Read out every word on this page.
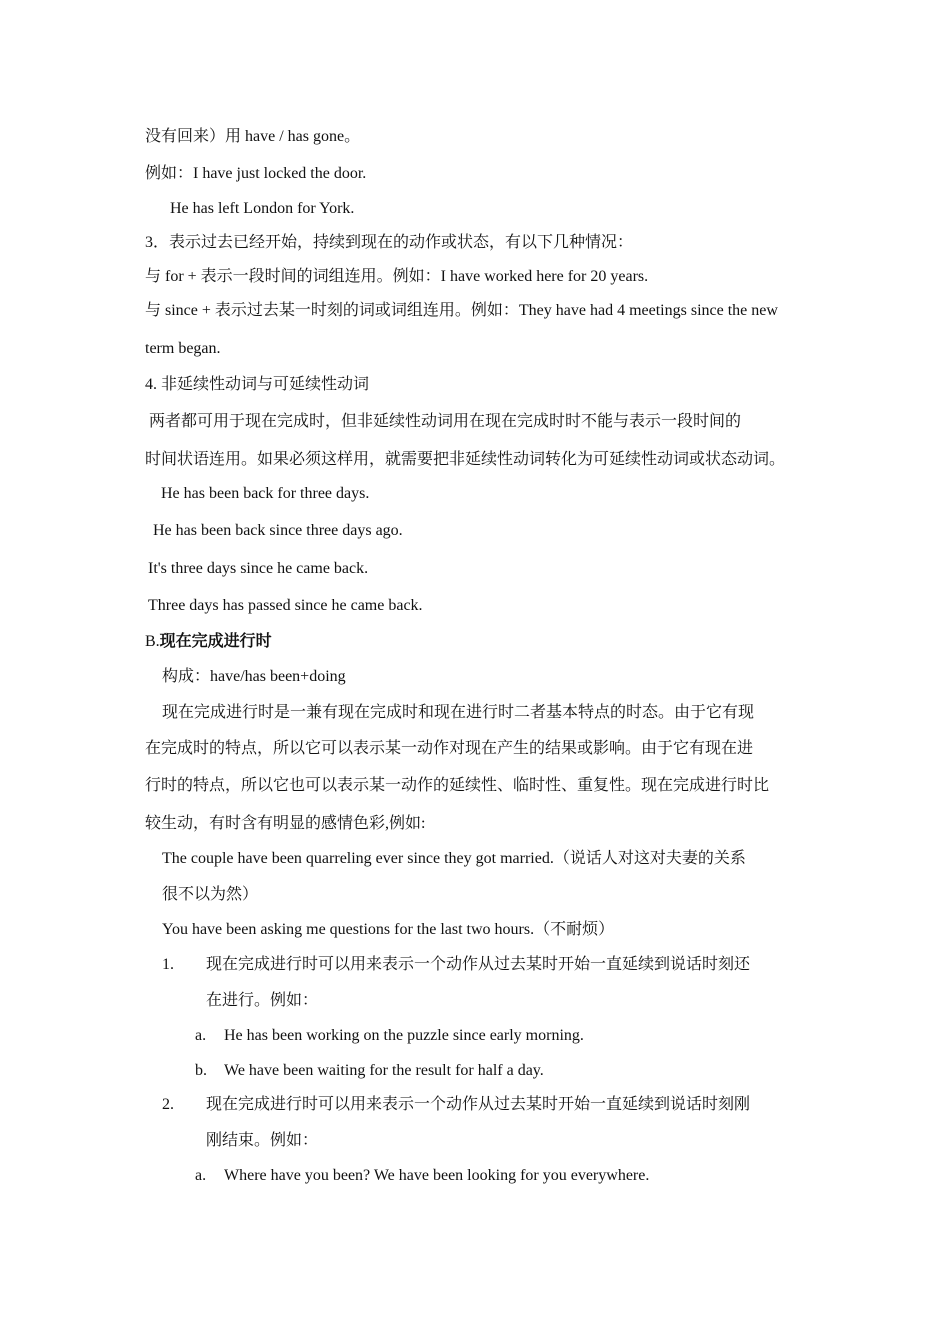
没有回来）用 have / has gone。
例如：I have just locked the door.
He has left London for York.
3．表示过去已经开始，持续到现在的动作或状态，有以下几种情况：
与 for + 表示一段时间的词组连用。例如：I have worked here for 20 years.
与 since + 表示过去某一时刻的词或词组连用。例如：They have had 4 meetings since the new
term began.
4. 非延续性动词与可延续性动词
两者都可用于现在完成时，但非延续性动词用在现在完成时时不能与表示一段时间的
时间状语连用。如果必须这样用，就需要把非延续性动词转化为可延续性动词或状态动词。
He has been back for three days.
He has been back since three days ago.
It's three days since he came back.
Three days has passed since he came back.
B.现在完成进行时
构成：have/has been+doing
现在完成进行时是一兼有现在完成时和现在进行时二者基本特点的时态。由于它有现
在完成时的特点，所以它可以表示某一动作对现在产生的结果或影响。由于它有现在进
行时的特点，所以它也可以表示某一动作的延续性、临时性、重复性。现在完成进行时比
较生动，有时含有明显的感情色彩,例如:
The couple have been quarreling ever since they got married.（说话人对这对夫妻的关系
很不以为然）
You have been asking me questions for the last two hours.（不耐烦）
1. 现在完成进行时可以用来表示一个动作从过去某时开始一直延续到说话时刻还
在进行。例如：
a. He has been working on the puzzle since early morning.
b. We have been waiting for the result for half a day.
2. 现在完成进行时可以用来表示一个动作从过去某时开始一直延续到说话时刻刚
刚结束。例如：
a. Where have you been? We have been looking for you everywhere.
